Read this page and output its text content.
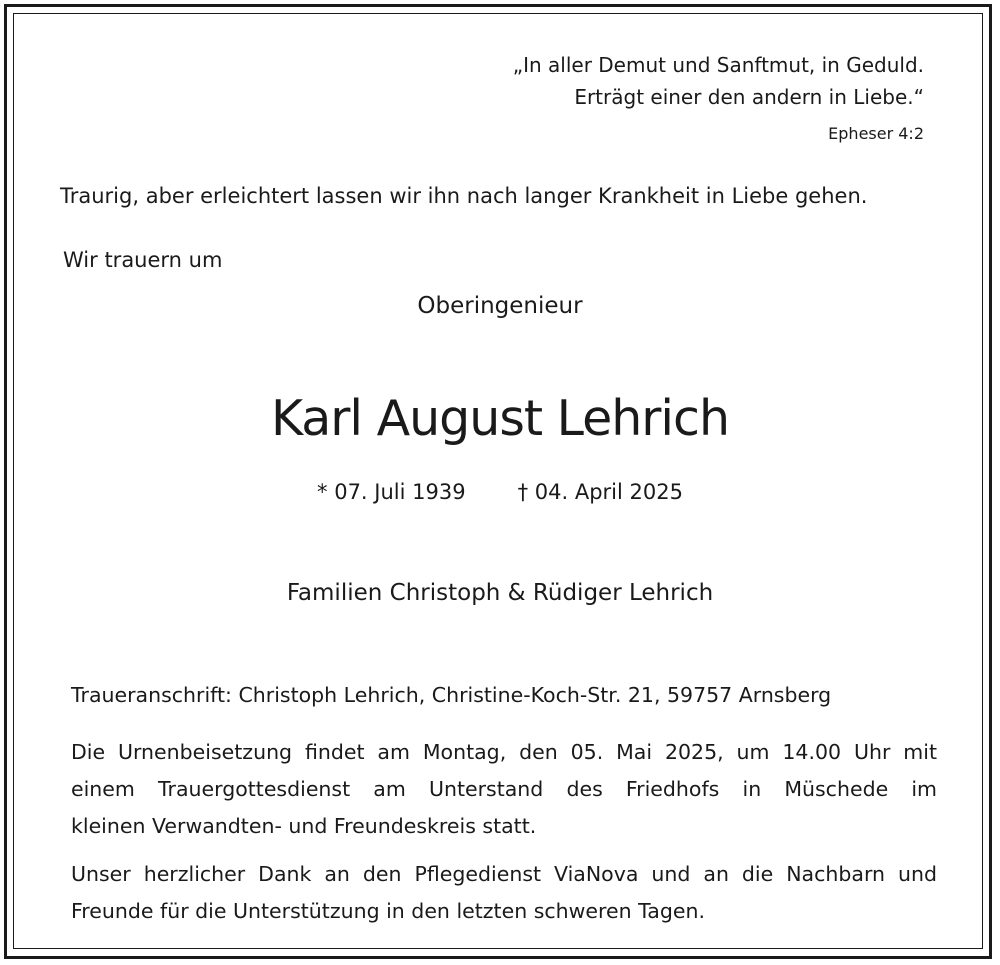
„In aller Demut und Sanftmut, in Geduld.
Erträgt einer den andern in Liebe.“
Epheser 4:2
Traurig, aber erleichtert lassen wir ihn nach langer Krankheit in Liebe gehen.
Wir trauern um
Oberingenieur
Karl August Lehrich
* 07. Juli 1939 † 04. April 2025
Familien Christoph & Rüdiger Lehrich
Traueranschrift: Christoph Lehrich, Christine-Koch-Str. 21, 59757 Arnsberg
Die Urnenbeisetzung findet am Montag, den 05. Mai 2025, um 14.00 Uhr mit
einem Trauergottesdienst am Unterstand des Friedhofs in Müschede im
kleinen Verwandten- und Freundeskreis statt.
Unser herzlicher Dank an den Pflegedienst ViaNova und an die Nachbarn und
Freunde für die Unterstützung in den letzten schweren Tagen.
